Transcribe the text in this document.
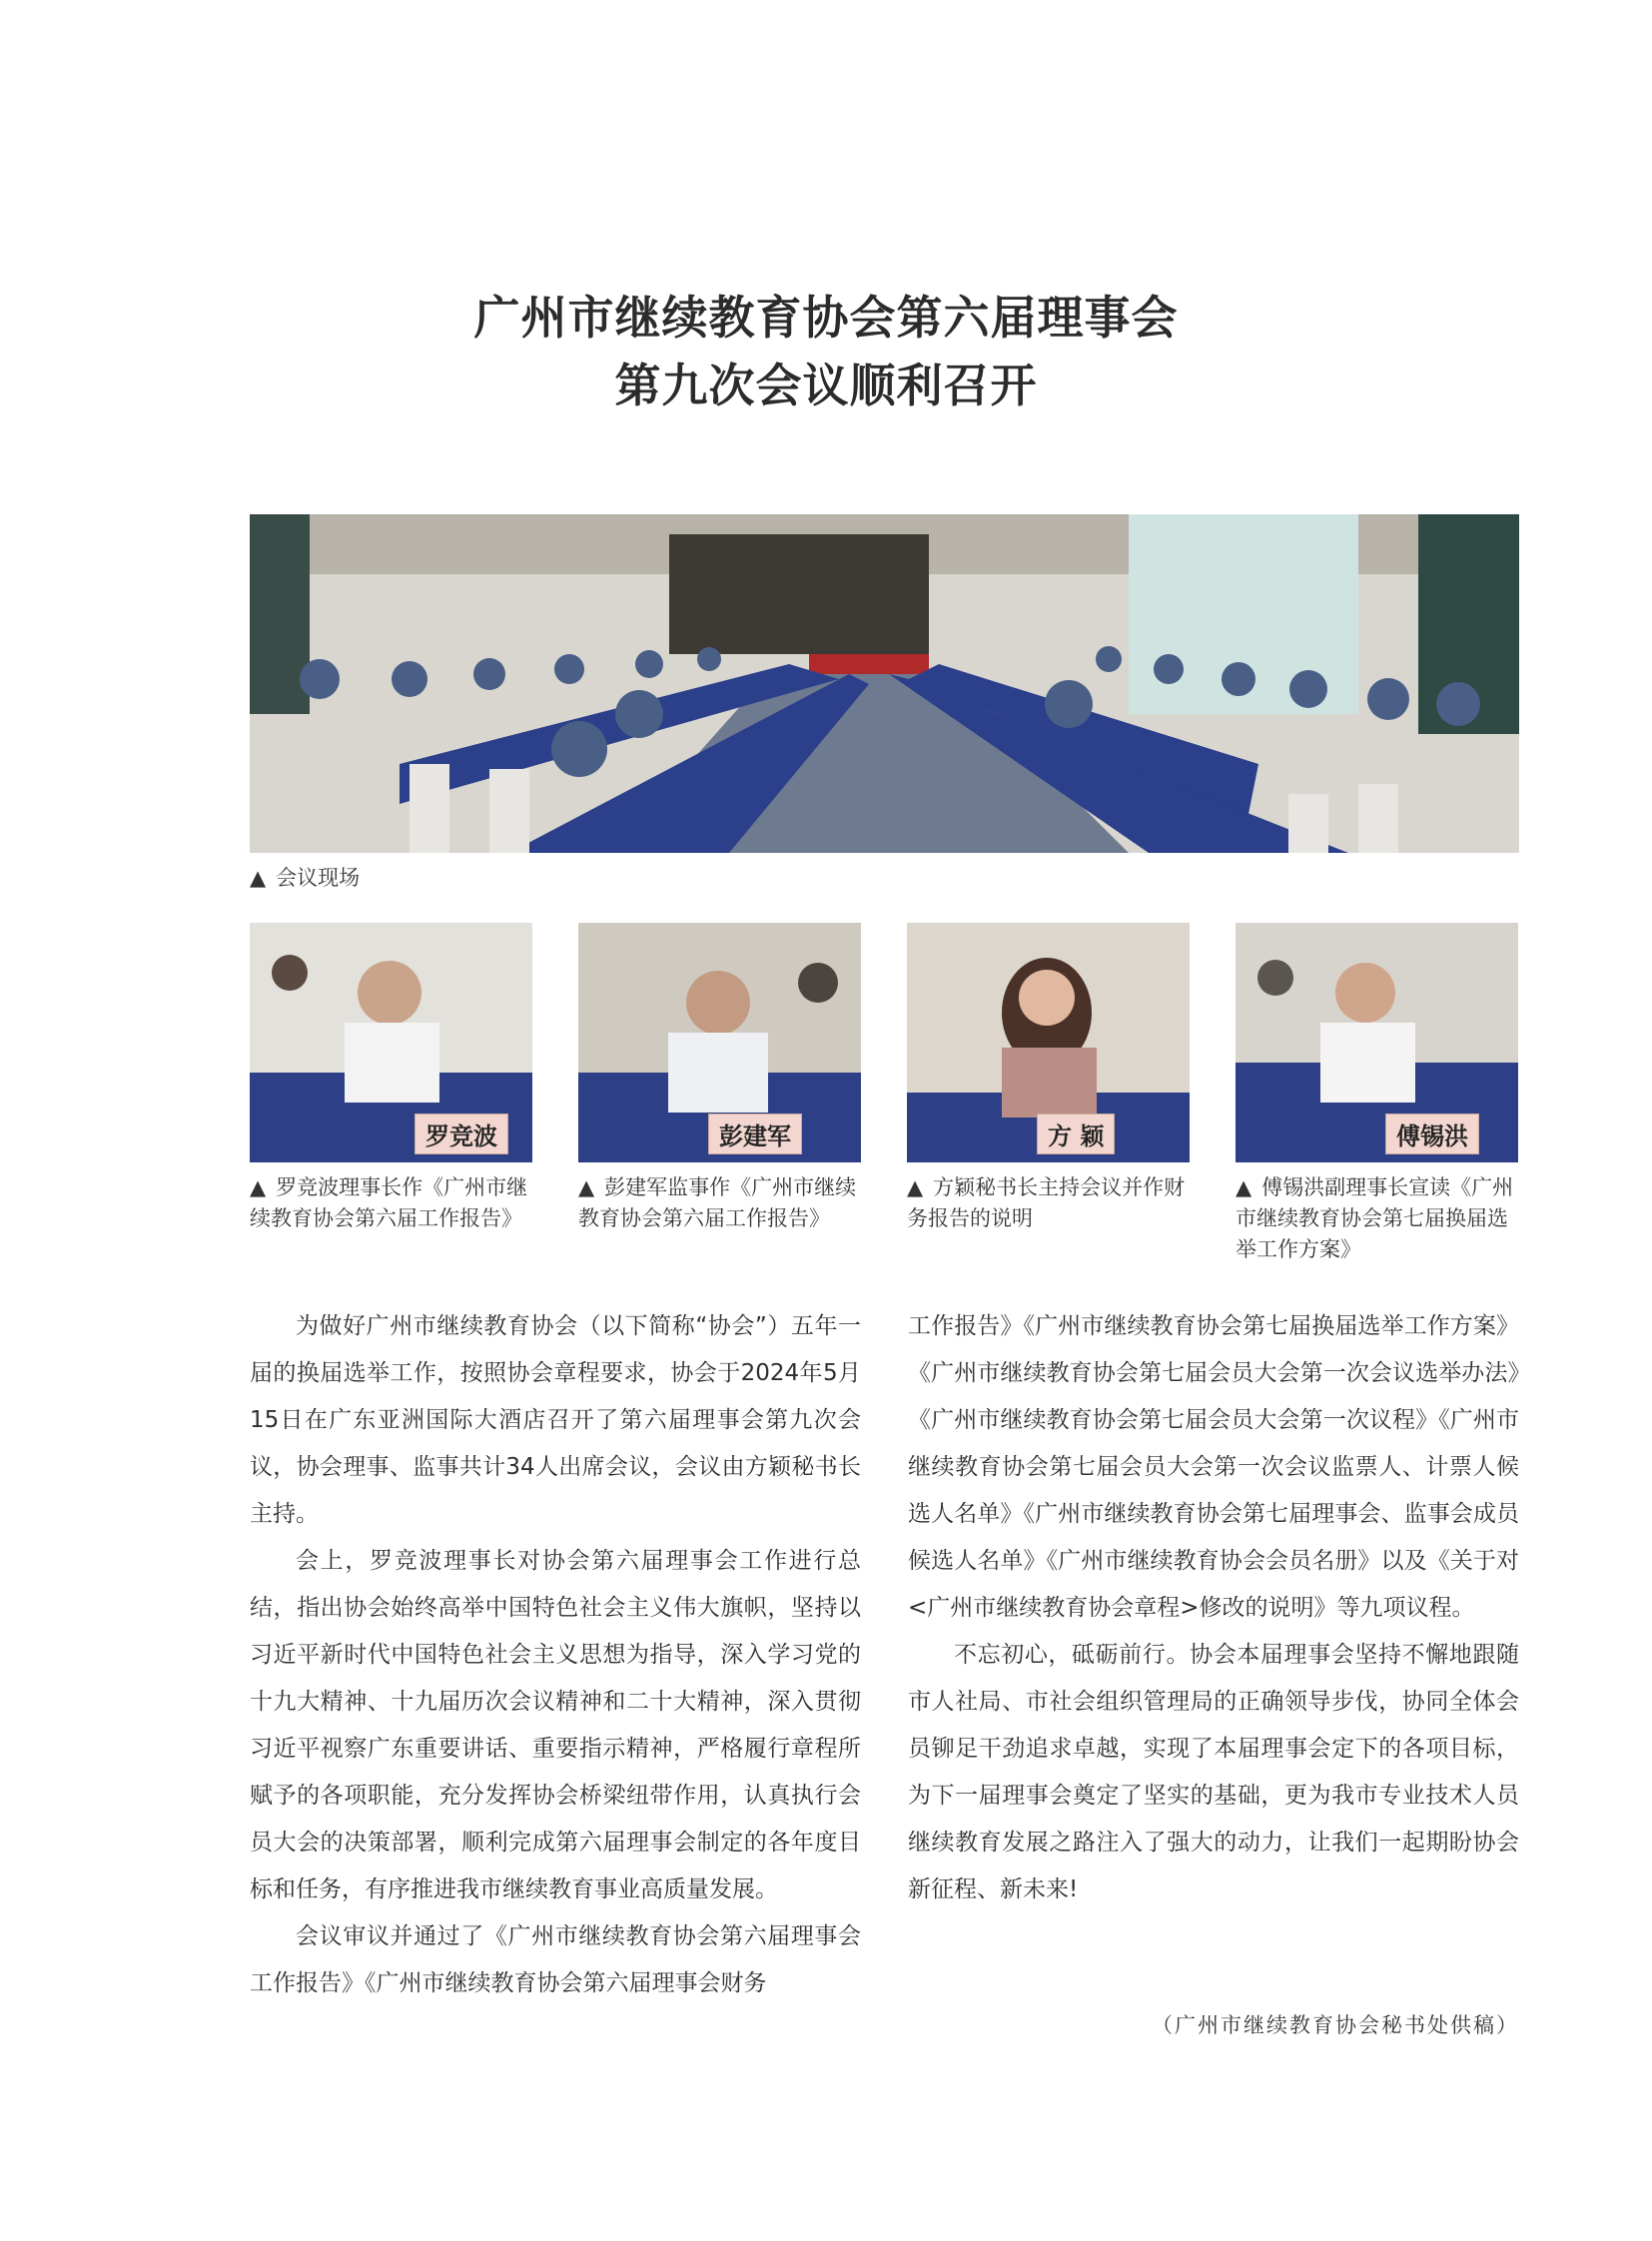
广州市继续教育协会第六届理事会
第九次会议顺利召开
▲ 会议现场
罗竞波	彭建军	方 颖	傅锡洪
▲ 罗竞波理事长作《广州市继续教育协会第六届工作报告》
▲ 彭建军监事作《广州市继续教育协会第六届工作报告》
▲ 方颖秘书长主持会议并作财务报告的说明
▲ 傅锡洪副理事长宣读《广州市继续教育协会第七届换届选举工作方案》

为做好广州市继续教育协会（以下简称“协会”）五年一届的换届选举工作，按照协会章程要求，协会于2024年5月15日在广东亚洲国际大酒店召开了第六届理事会第九次会议，协会理事、监事共计34人出席会议，会议由方颖秘书长主持。

会上，罗竞波理事长对协会第六届理事会工作进行总结，指出协会始终高举中国特色社会主义伟大旗帜，坚持以习近平新时代中国特色社会主义思想为指导，深入学习党的十九大精神、十九届历次会议精神和二十大精神，深入贯彻习近平视察广东重要讲话、重要指示精神，严格履行章程所赋予的各项职能，充分发挥协会桥梁纽带作用，认真执行会员大会的决策部署，顺利完成第六届理事会制定的各年度目标和任务，有序推进我市继续教育事业高质量发展。

会议审议并通过了《广州市继续教育协会第六届理事会工作报告》《广州市继续教育协会第六届理事会财务

工作报告》《广州市继续教育协会第七届换届选举工作方案》《广州市继续教育协会第七届会员大会第一次会议选举办法》《广州市继续教育协会第七届会员大会第一次议程》《广州市继续教育协会第七届会员大会第一次会议监票人、计票人候选人名单》《广州市继续教育协会第七届理事会、监事会成员候选人名单》《广州市继续教育协会会员名册》以及《关于对<广州市继续教育协会章程>修改的说明》等九项议程。

不忘初心，砥砺前行。协会本届理事会坚持不懈地跟随市人社局、市社会组织管理局的正确领导步伐，协同全体会员铆足干劲追求卓越，实现了本届理事会定下的各项目标，为下一届理事会奠定了坚实的基础，更为我市专业技术人员继续教育发展之路注入了强大的动力，让我们一起期盼协会新征程、新未来!

（广州市继续教育协会秘书处供稿）
